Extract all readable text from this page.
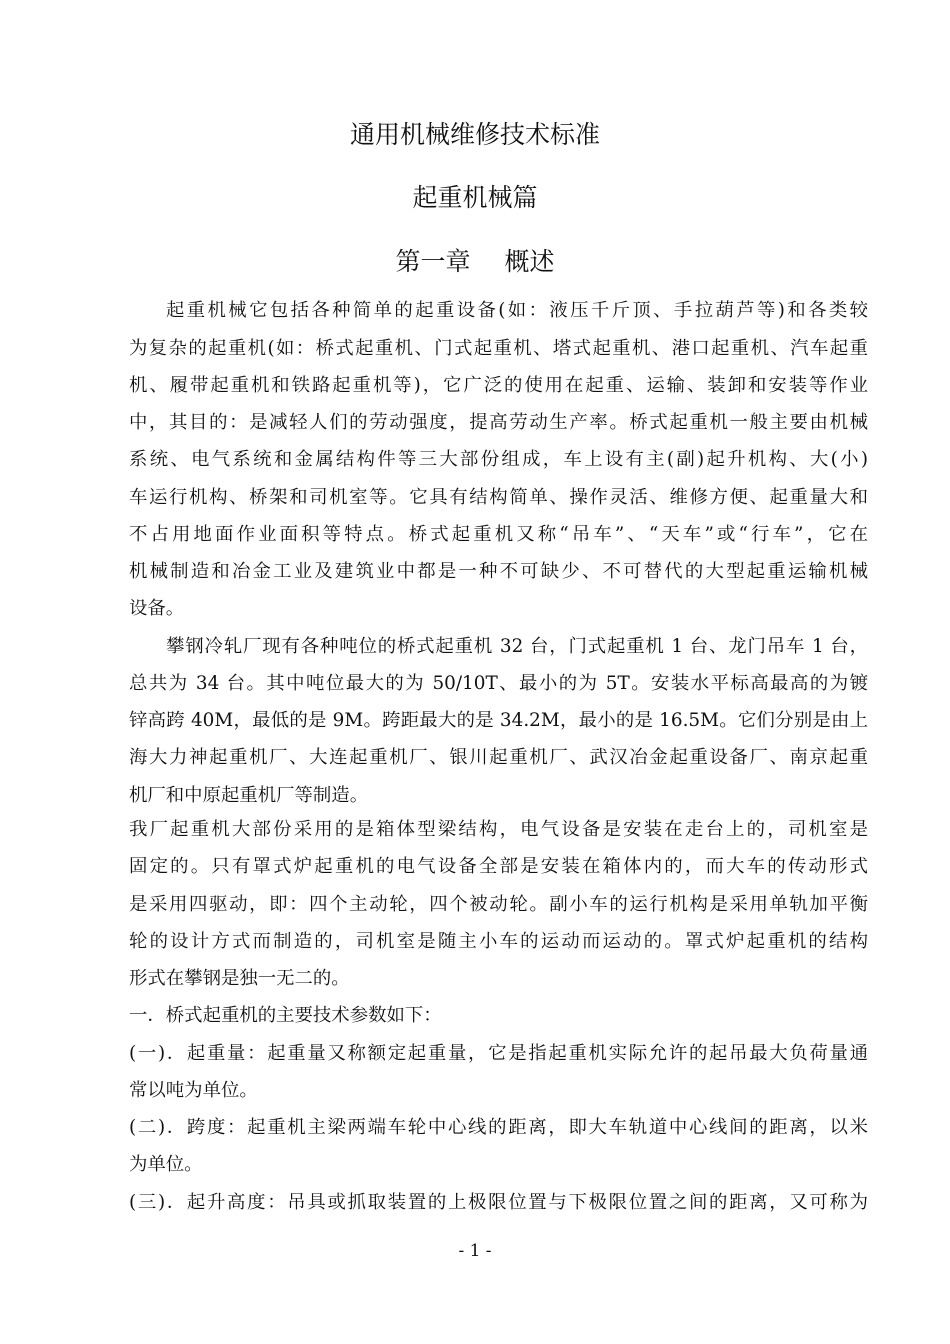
通用机械维修技术标准
起重机械篇
第一章 概述
起重机械它包括各种简单的起重设备(如：液压千斤顶、手拉葫芦等)和各类较
为复杂的起重机(如：桥式起重机、门式起重机、塔式起重机、港口起重机、汽车起重
机、履带起重机和铁路起重机等)，它广泛的使用在起重、运输、装卸和安装等作业
中，其目的：是减轻人们的劳动强度，提高劳动生产率。桥式起重机一般主要由机械
系统、电气系统和金属结构件等三大部份组成，车上设有主(副)起升机构、大(小)
车运行机构、桥架和司机室等。它具有结构简单、操作灵活、维修方便、起重量大和
不占用地面作业面积等特点。桥式起重机又称“吊车”、“天车”或“行车”，它在
机械制造和冶金工业及建筑业中都是一种不可缺少、不可替代的大型起重运输机械
设备。
攀钢冷轧厂现有各种吨位的桥式起重机 32 台，门式起重机 1 台、龙门吊车 1 台，
总共为 34 台。其中吨位最大的为 50/10T、最小的为 5T。安装水平标高最高的为镀
锌高跨 40M，最低的是 9M。跨距最大的是 34.2M，最小的是 16.5M。它们分别是由上
海大力神起重机厂、大连起重机厂、银川起重机厂、武汉冶金起重设备厂、南京起重
机厂和中原起重机厂等制造。
我厂起重机大部份采用的是箱体型梁结构，电气设备是安装在走台上的，司机室是
固定的。只有罩式炉起重机的电气设备全部是安装在箱体内的，而大车的传动形式
是采用四驱动，即：四个主动轮，四个被动轮。副小车的运行机构是采用单轨加平衡
轮的设计方式而制造的，司机室是随主小车的运动而运动的。罩式炉起重机的结构
形式在攀钢是独一无二的。
一．桥式起重机的主要技术参数如下：
(一)．起重量：起重量又称额定起重量，它是指起重机实际允许的起吊最大负荷量通
常以吨为单位。
(二)．跨度：起重机主梁两端车轮中心线的距离，即大车轨道中心线间的距离，以米
为单位。
(三)．起升高度：吊具或抓取装置的上极限位置与下极限位置之间的距离，又可称为
- 1 -
